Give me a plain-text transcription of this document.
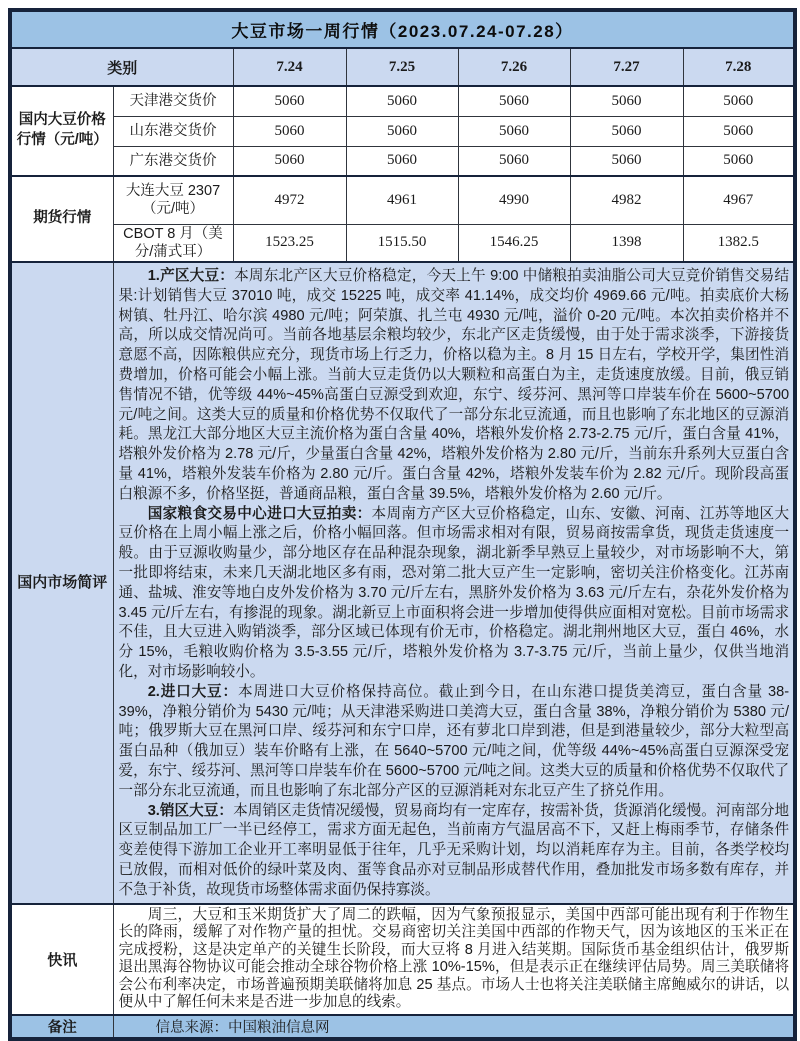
大豆市场一周行情（2023.07.24-07.28）						
类别		7.24	7.25	7.26	7.27	7.28
国内大豆价格行情（元/吨）	天津港交货价	5060	5060	5060	5060	5060
	山东港交货价	5060	5060	5060	5060	5060
	广东港交货价	5060	5060	5060	5060	5060
期货行情	大连大豆 2307（元/吨）	4972	4961	4990	4982	4967
	CBOT 8 月（美分/蒲式耳）	1523.25	1515.50	1546.25	1398	1382.5
国内市场简评	1.产区大豆：本周东北产区大豆价格稳定，今天上午 9:00 中储粮拍卖油脂公司大豆竞价销售交易结果:计划销售大豆 37010 吨，成交 15225 吨，成交率 41.14%，成交均价 4969.66 元/吨。拍卖底价大杨树镇、牡丹江、哈尔滨 4980 元/吨；阿荣旗、扎兰屯 4930 元/吨，溢价 0-20 元/吨。本次拍卖价格并不高，所以成交情况尚可。当前各地基层余粮均较少，东北产区走货缓慢，由于处于需求淡季，下游接货意愿不高，因陈粮供应充分，现货市场上行乏力，价格以稳为主。8 月 15 日左右，学校开学，集团性消费增加，价格可能会小幅上涨。当前大豆走货仍以大颗粒和高蛋白为主，走货速度放缓。目前，俄豆销售情况不错，优等级 44%~45%高蛋白豆源受到欢迎，东宁、绥芬河、黑河等口岸装车价在 5600~5700 元/吨之间。这类大豆的质量和价格优势不仅取代了一部分东北豆流通，而且也影响了东北地区的豆源消耗。黑龙江大部分地区大豆主流价格为蛋白含量 40%，塔粮外发价格 2.73-2.75 元/斤，蛋白含量 41%，塔粮外发价格为 2.78 元/斤，少量蛋白含量 42%，塔粮外发价格为 2.80 元/斤，当前东升系列大豆蛋白含量 41%，塔粮外发装车价格为 2.80 元/斤。蛋白含量 42%，塔粮外发装车价为 2.82 元/斤。现阶段高蛋白粮源不多，价格坚挺，普通商品粮，蛋白含量 39.5%，塔粮外发价格为 2.60 元/斤。

国家粮食交易中心进口大豆拍卖：本周南方产区大豆价格稳定，山东、安徽、河南、江苏等地区大豆价格在上周小幅上涨之后，价格小幅回落。但市场需求相对有限，贸易商按需拿货，现货走货速度一般。由于豆源收购量少，部分地区存在品种混杂现象，湖北新季早熟豆上量较少，对市场影响不大，第一批即将结束，未来几天湖北地区多有雨，恐对第二批大豆产生一定影响，密切关注价格变化。江苏南通、盐城、淮安等地白皮外发价格为 3.70 元/斤左右，黑脐外发价格为 3.63 元/斤左右，杂花外发价格为 3.45 元/斤左右，有掺混的现象。湖北新豆上市面积将会进一步增加使得供应面相对宽松。目前市场需求不佳，且大豆进入购销淡季，部分区域已体现有价无市，价格稳定。湖北荆州地区大豆，蛋白 46%，水分 15%，毛粮收购价格为 3.5-3.55 元/斤，塔粮外发价格为 3.7-3.75 元/斤，当前上量少，仅供当地消化，对市场影响较小。

2.进口大豆：本周进口大豆价格保持高位。截止到今日，在山东港口提货美湾豆，蛋白含量 38-39%，净粮分销价为 5430 元/吨；从天津港采购进口美湾大豆，蛋白含量 38%，净粮分销价为 5380 元/吨；俄罗斯大豆在黑河口岸、绥芬河和东宁口岸，还有萝北口岸到港，但是到港量较少，部分大粒型高蛋白品种（俄加豆）装车价略有上涨，在 5640~5700 元/吨之间，优等级 44%~45%高蛋白豆源深受宠爱，东宁、绥芬河、黑河等口岸装车价在 5600~5700 元/吨之间。这类大豆的质量和价格优势不仅取代了一部分东北豆流通，而且也影响了东北部分产区的豆源消耗对东北豆产生了挤兑作用。

3.销区大豆：本周销区走货情况缓慢，贸易商均有一定库存，按需补货，货源消化缓慢。河南部分地区豆制品加工厂一半已经停工，需求方面无起色，当前南方气温居高不下，又赶上梅雨季节，存储条件变差使得下游加工企业开工率明显低于往年，几乎无采购计划，均以消耗库存为主。目前，各类学校均已放假，而相对低价的绿叶菜及肉、蛋等食品亦对豆制品形成替代作用，叠加批发市场多数有库存，并不急于补货，故现货市场整体需求面仍保持寡淡。					

快讯	周三，大豆和玉米期货扩大了周二的跌幅，因为气象预报显示，美国中西部可能出现有利于作物生长的降雨，缓解了对作物产量的担忧。交易商密切关注美国中西部的作物天气，因为该地区的玉米正在完成授粉，这是决定单产的关键生长阶段，而大豆将 8 月进入结荚期。国际货币基金组织估计，俄罗斯退出黑海谷物协议可能会推动全球谷物价格上涨 10%-15%，但是表示正在继续评估局势。周三美联储将会公布利率决定，市场普遍预期美联储将加息 25 基点。市场人士也将关注美联储主席鲍威尔的讲话，以便从中了解任何未来是否进一步加息的线索。					

备注	信息来源：中国粮油信息网					
